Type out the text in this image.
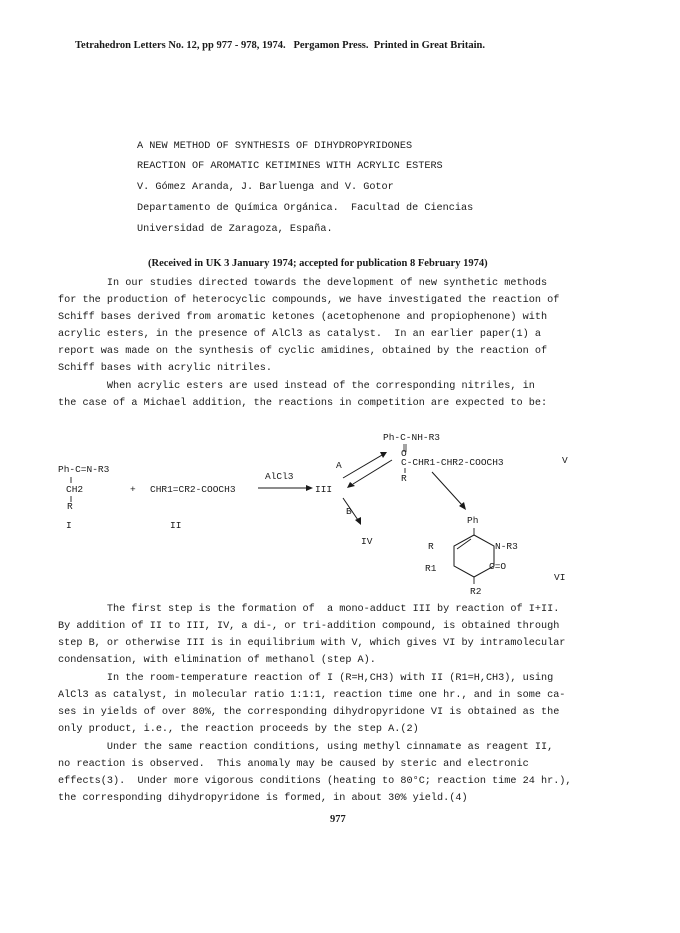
Tetrahedron Letters No. 12, pp 977 - 978, 1974.   Pergamon Press.  Printed in Great Britain.
A NEW METHOD OF SYNTHESIS OF DIHYDROPYRIDONES
REACTION OF AROMATIC KETIMINES WITH ACRYLIC ESTERS
V. Gómez Aranda, J. Barluenga and V. Gotor
Departamento de Química Orgánica.  Facultad de Ciencias
Universidad de Zaragoza, España.
(Received in UK 3 January 1974; accepted for publication 8 February 1974)
In our studies directed towards the development of new synthetic methods
for the production of heterocyclic compounds, we have investigated the reaction of
Schiff bases derived from aromatic ketones (acetophenone and propiophenone) with
acrylic esters, in the presence of AlCl3 as catalyst.  In an earlier paper(1) a
report was made on the synthesis of cyclic amidines, obtained by the reaction of
Schiff bases with acrylic nitriles.
When acrylic esters are used instead of the corresponding nitriles, in
the case of a Michael addition, the reactions in competition are expected to be:
Ph-C=N-R3
CH2
R
I
+ CHR1=CR2-COOCH3
II
AlCl3
III
A
B
IV
Ph-C-NH-R3
O
C-CHR1-CHR2-COOCH3
R
V
Ph
R	N-R3
R1	C=O
R2
VI
The first step is the formation of  a mono-adduct III by reaction of I+II.
By addition of II to III, IV, a di-, or tri-addition compound, is obtained through
step B, or otherwise III is in equilibrium with V, which gives VI by intramolecular
condensation, with elimination of methanol (step A).
In the room-temperature reaction of I (R=H,CH3) with II (R1=H,CH3), using
AlCl3 as catalyst, in molecular ratio 1:1:1, reaction time one hr., and in some ca-
ses in yields of over 80%, the corresponding dihydropyridone VI is obtained as the
only product, i.e., the reaction proceeds by the step A.(2)
Under the same reaction conditions, using methyl cinnamate as reagent II,
no reaction is observed.  This anomaly may be caused by steric and electronic
effects(3).  Under more vigorous conditions (heating to 80°C; reaction time 24 hr.),
the corresponding dihydropyridone is formed, in about 30% yield.(4)
977
